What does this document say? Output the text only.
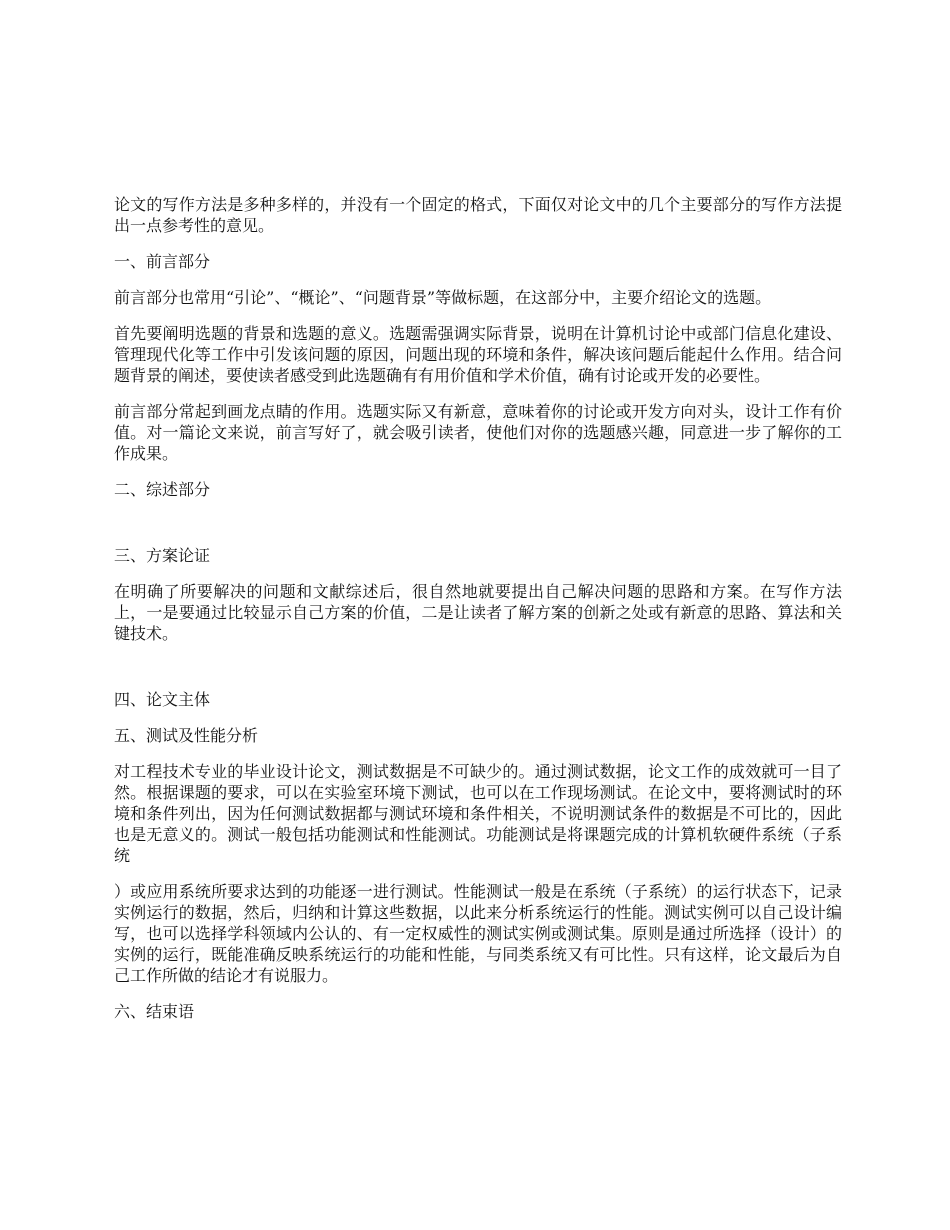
论文的写作方法是多种多样的，并没有一个固定的格式，下面仅对论文中的几个主要部分的写作方法提出一点参考性的意见。

一、前言部分

前言部分也常用“引论”、“概论”、“问题背景”等做标题，在这部分中，主要介绍论文的选题。

首先要阐明选题的背景和选题的意义。选题需强调实际背景，说明在计算机讨论中或部门信息化建设、管理现代化等工作中引发该问题的原因，问题出现的环境和条件，解决该问题后能起什么作用。结合问题背景的阐述，要使读者感受到此选题确有有用价值和学术价值，确有讨论或开发的必要性。

前言部分常起到画龙点睛的作用。选题实际又有新意，意味着你的讨论或开发方向对头，设计工作有价值。对一篇论文来说，前言写好了，就会吸引读者，使他们对你的选题感兴趣，同意进一步了解你的工作成果。

二、综述部分

三、方案论证

在明确了所要解决的问题和文献综述后，很自然地就要提出自己解决问题的思路和方案。在写作方法上，一是要通过比较显示自己方案的价值，二是让读者了解方案的创新之处或有新意的思路、算法和关键技术。

四、论文主体

五、测试及性能分析

对工程技术专业的毕业设计论文，测试数据是不可缺少的。通过测试数据，论文工作的成效就可一目了然。根据课题的要求，可以在实验室环境下测试，也可以在工作现场测试。在论文中，要将测试时的环境和条件列出，因为任何测试数据都与测试环境和条件相关，不说明测试条件的数据是不可比的，因此也是无意义的。测试一般包括功能测试和性能测试。功能测试是将课题完成的计算机软硬件系统（子系统

）或应用系统所要求达到的功能逐一进行测试。性能测试一般是在系统（子系统）的运行状态下，记录实例运行的数据，然后，归纳和计算这些数据，以此来分析系统运行的性能。测试实例可以自己设计编写，也可以选择学科领域内公认的、有一定权威性的测试实例或测试集。原则是通过所选择（设计）的实例的运行，既能准确反映系统运行的功能和性能，与同类系统又有可比性。只有这样，论文最后为自己工作所做的结论才有说服力。

六、结束语
